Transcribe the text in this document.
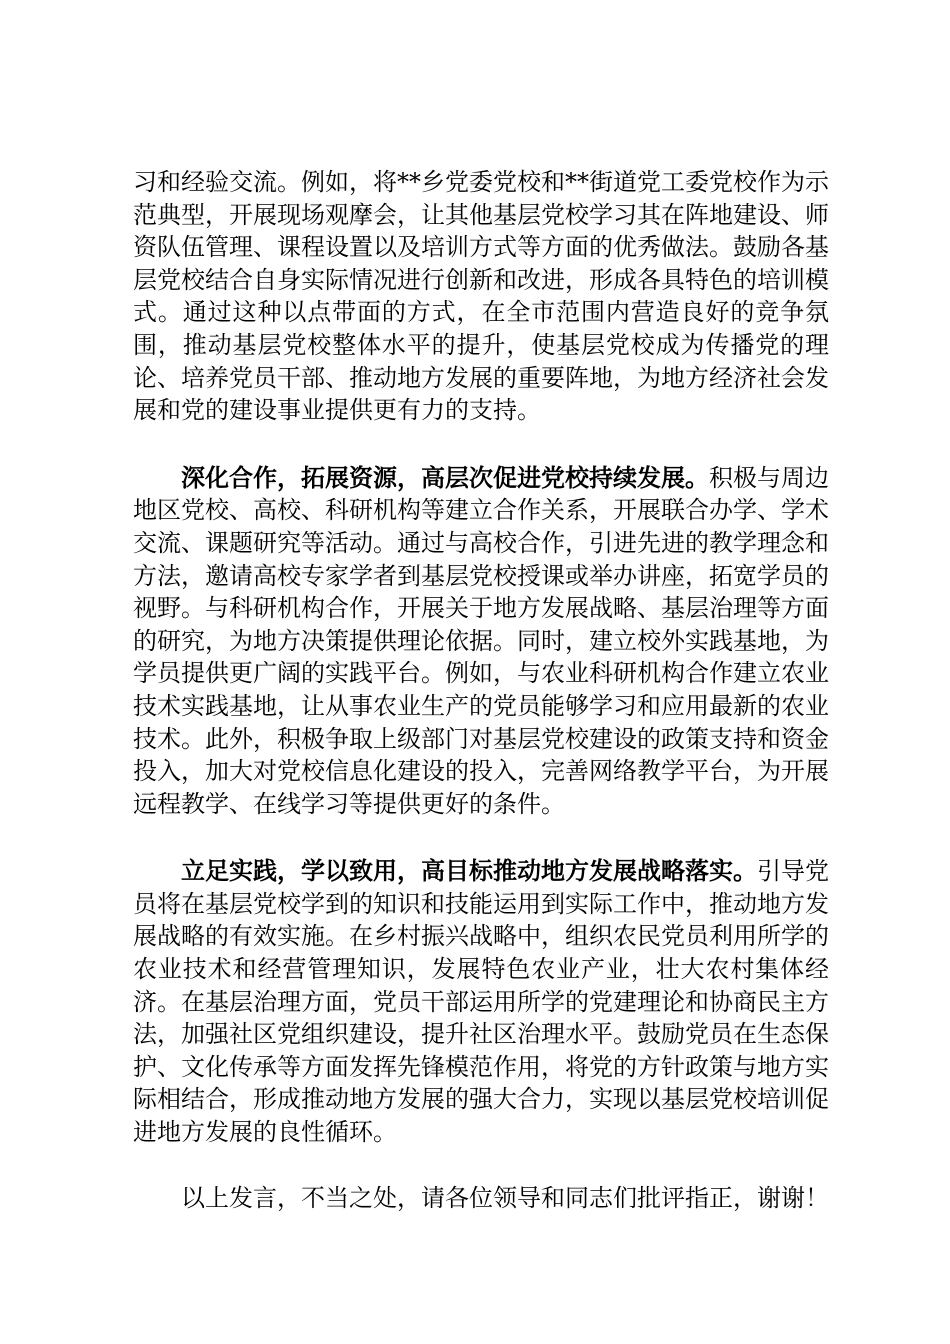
习和经验交流。例如，将**乡党委党校和**街道党工委党校作为示范典型，开展现场观摩会，让其他基层党校学习其在阵地建设、师资队伍管理、课程设置以及培训方式等方面的优秀做法。鼓励各基层党校结合自身实际情况进行创新和改进，形成各具特色的培训模式。通过这种以点带面的方式，在全市范围内营造良好的竞争氛围，推动基层党校整体水平的提升，使基层党校成为传播党的理论、培养党员干部、推动地方发展的重要阵地，为地方经济社会发展和党的建设事业提供更有力的支持。

深化合作，拓展资源，高层次促进党校持续发展。积极与周边地区党校、高校、科研机构等建立合作关系，开展联合办学、学术交流、课题研究等活动。通过与高校合作，引进先进的教学理念和方法，邀请高校专家学者到基层党校授课或举办讲座，拓宽学员的视野。与科研机构合作，开展关于地方发展战略、基层治理等方面的研究，为地方决策提供理论依据。同时，建立校外实践基地，为学员提供更广阔的实践平台。例如，与农业科研机构合作建立农业技术实践基地，让从事农业生产的党员能够学习和应用最新的农业技术。此外，积极争取上级部门对基层党校建设的政策支持和资金投入，加大对党校信息化建设的投入，完善网络教学平台，为开展远程教学、在线学习等提供更好的条件。

立足实践，学以致用，高目标推动地方发展战略落实。引导党员将在基层党校学到的知识和技能运用到实际工作中，推动地方发展战略的有效实施。在乡村振兴战略中，组织农民党员利用所学的农业技术和经营管理知识，发展特色农业产业，壮大农村集体经济。在基层治理方面，党员干部运用所学的党建理论和协商民主方法，加强社区党组织建设，提升社区治理水平。鼓励党员在生态保护、文化传承等方面发挥先锋模范作用，将党的方针政策与地方实际相结合，形成推动地方发展的强大合力，实现以基层党校培训促进地方发展的良性循环。

以上发言，不当之处，请各位领导和同志们批评指正，谢谢！
